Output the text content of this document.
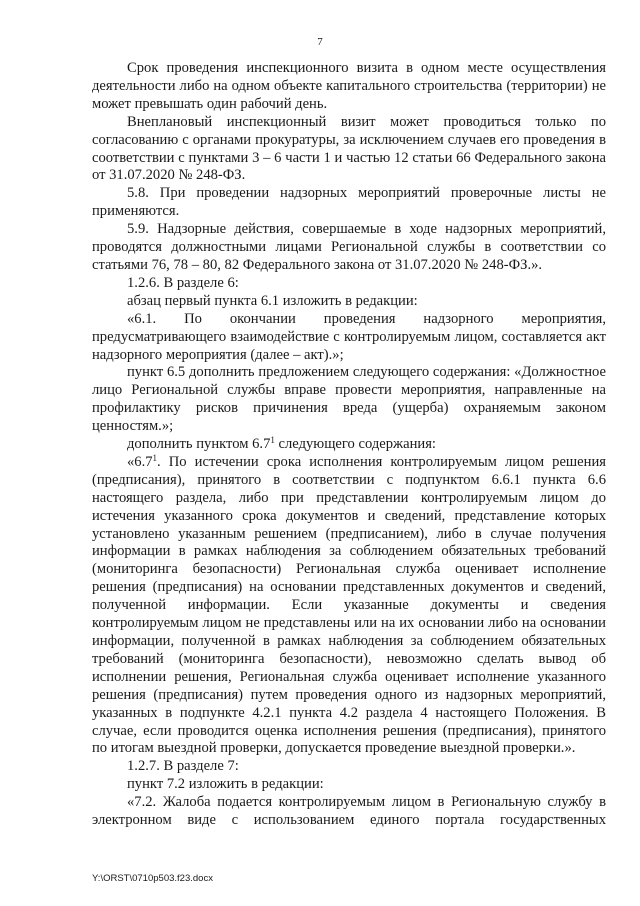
7

Срок проведения инспекционного визита в одном месте осуществления деятельности либо на одном объекте капитального строительства (территории) не может превышать один рабочий день.

Внеплановый инспекционный визит может проводиться только по согласованию с органами прокуратуры, за исключением случаев его проведения в соответствии с пунктами 3 – 6 части 1 и частью 12 статьи 66 Федерального закона от 31.07.2020 № 248-ФЗ.

5.8. При проведении надзорных мероприятий проверочные листы не применяются.

5.9. Надзорные действия, совершаемые в ходе надзорных мероприятий, проводятся должностными лицами Региональной службы в соответствии со статьями 76, 78 – 80, 82 Федерального закона от 31.07.2020 № 248-ФЗ.».

1.2.6. В разделе 6:

абзац первый пункта 6.1 изложить в редакции:

«6.1. По окончании проведения надзорного мероприятия, предусматривающего взаимодействие с контролируемым лицом, составляется акт надзорного мероприятия (далее – акт).»;

пункт 6.5 дополнить предложением следующего содержания: «Должностное лицо Региональной службы вправе провести мероприятия, направленные на профилактику рисков причинения вреда (ущерба) охраняемым законом ценностям.»;

дополнить пунктом $6.7^1$ следующего содержания:

«$6.7^1$. По истечении срока исполнения контролируемым лицом решения (предписания), принятого в соответствии с подпунктом 6.6.1 пункта 6.6 настоящего раздела, либо при представлении контролируемым лицом до истечения указанного срока документов и сведений, представление которых установлено указанным решением (предписанием), либо в случае получения информации в рамках наблюдения за соблюдением обязательных требований (мониторинга безопасности) Региональная служба оценивает исполнение решения (предписания) на основании представленных документов и сведений, полученной информации. Если указанные документы и сведения контролируемым лицом не представлены или на их основании либо на основании информации, полученной в рамках наблюдения за соблюдением обязательных требований (мониторинга безопасности), невозможно сделать вывод об исполнении решения, Региональная служба оценивает исполнение указанного решения (предписания) путем проведения одного из надзорных мероприятий, указанных в подпункте 4.2.1 пункта 4.2 раздела 4 настоящего Положения. В случае, если проводится оценка исполнения решения (предписания), принятого по итогам выездной проверки, допускается проведение выездной проверки.».

1.2.7. В разделе 7:

пункт 7.2 изложить в редакции:

«7.2. Жалоба подается контролируемым лицом в Региональную службу в электронном виде с использованием единого портала государственных

Y:\ORST\0710p503.f23.docx
